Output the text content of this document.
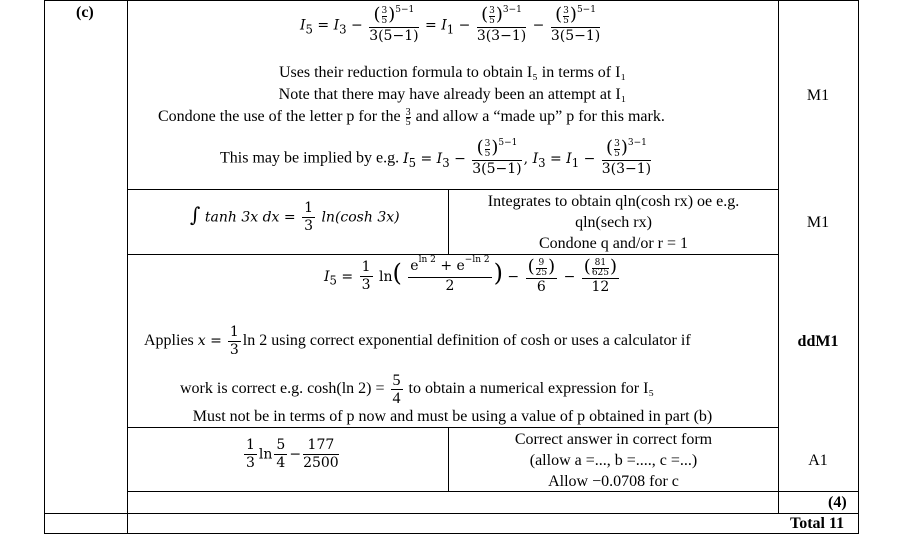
(c)
$I_5 = I_3 - \frac{( \frac{3}{5} )^{5-1}}{3(5-1)} = I_1 - \frac{( \frac{3}{5} )^{3-1}}{3(3-1)} - \frac{( \frac{3}{5} )^{5-1}}{3(5-1)}$
Uses their reduction formula to obtain I₅ in terms of I₁
Note that there may have already been an attempt at I₁
Condone the use of the letter p for the $\frac{3}{5}$ and allow a “made up” p for this mark.
This may be implied by e.g. $I_5 = I_3 - \frac{( \frac{3}{5} )^{5-1}}{3(5-1)}$ , $I_3 = I_1 - \frac{( \frac{3}{5} )^{3-1}}{3(3-1)}$
M1
∫ tanh 3x dx = $\frac{1}{3} \ln(\cosh$ 3x)
Integrates to obtain qln(cosh rx) oe e.g.
qln(sech rx)
Condone q and/or r = 1
M1
$I_5 = \frac{1}{3} \ln( \frac{e^{ln 2} + e^{-ln 2}}{2}$ ) − $\frac{( \frac{9}{25} )}{6} - \frac{( \frac{81}{625} )}{12}$
Applies $x = \frac{1}{3}$ ln 2 using correct exponential definition of cosh or uses a calculator if
work is correct e.g. cosh(ln $2) = \frac{5}{4}$ to obtain a numerical expression for I₅
Must not be in terms of p now and must be using a value of p obtained in part (b)
ddM1
$\frac{1}{3}$ $\ln \frac{5}{4} - \frac{177}{2500}$	Correct answer in correct form
(allow a =..., b =...., c =...)
Allow −0.0708 for c
A1
(4)
Total 11
